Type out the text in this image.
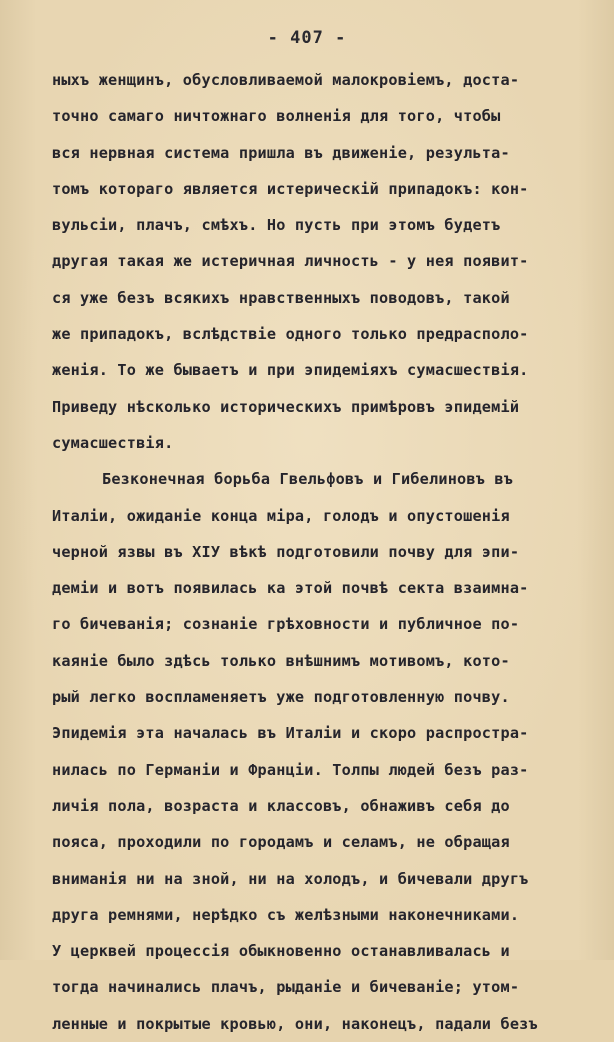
- 407 -
ныхъ женщинъ, обусловливаемой малокровіемъ, доста-
точно самаго ничтожнаго волненія для того, чтобы
вся нервная система пришла въ движеніе, результа-
томъ котораго является истерическій припадокъ: кон-
вульсіи, плачъ, смѣхъ. Но пусть при этомъ будетъ
другая такая же истеричная личность - у нея появит-
ся уже безъ всякихъ нравственныхъ поводовъ, такой
же припадокъ, вслѣдствіе одного только предрасполо-
женія. То же бываетъ и при эпидеміяхъ сумасшествія.
Приведу нѣсколько историческихъ примѣровъ эпидемій
сумасшествія.
Безконечная борьба Гвельфовъ и Гибелиновъ въ
Италіи, ожиданіе конца міра, голодъ и опустошенія
черной язвы въ XIУ вѣкѣ подготовили почву для эпи-
деміи и вотъ появилась ка этой почвѣ секта взаимна-
го бичеванія; сознаніе грѣховности и публичное по-
каяніе было здѣсь только внѣшнимъ мотивомъ, кото-
рый легко воспламеняетъ уже подготовленную почву.
Эпидемія эта началась въ Италіи и скоро распростра-
нилась по Германіи и Франціи. Толпы людей безъ раз-
личія пола, возраста и классовъ, обнаживъ себя до
пояса, проходили по городамъ и селамъ, не обращая
вниманія ни на зной, ни на холодъ, и бичевали другъ
друга ремнями, нерѣдко съ желѣзными наконечниками.
У церквей процессія обыкновенно останавливалась и
тогда начинались плачъ, рыданіе и бичеваніе; утом-
ленные и покрытые кровью, они, наконецъ, падали безъ
